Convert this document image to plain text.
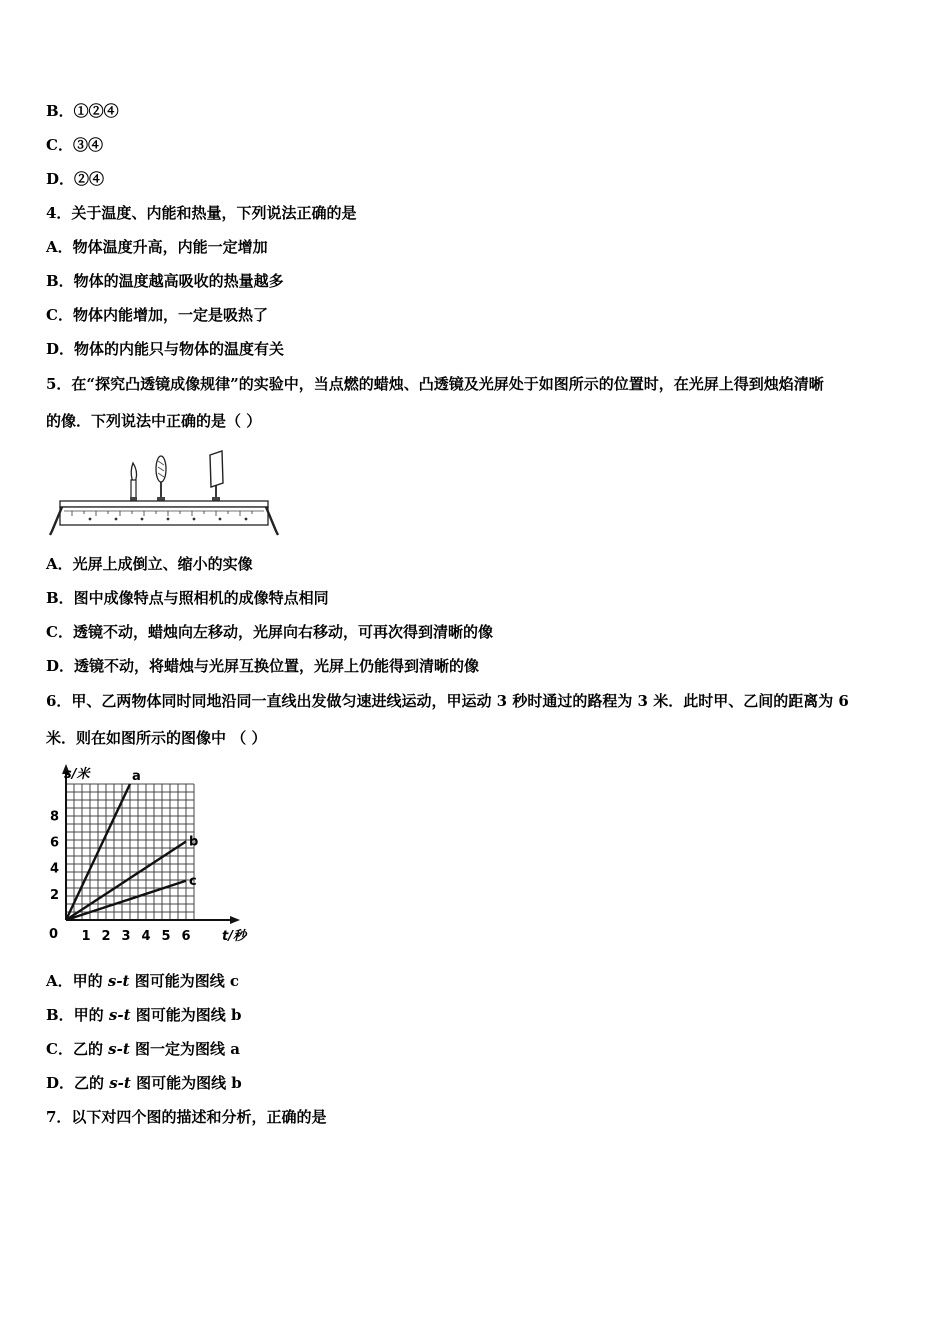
B．①②④
C．③④
D．②④
4．关于温度、内能和热量，下列说法正确的是
A．物体温度升高，内能一定增加
B．物体的温度越高吸收的热量越多
C．物体内能增加，一定是吸热了
D．物体的内能只与物体的温度有关
5．在“探究凸透镜成像规律”的实验中，当点燃的蜡烛、凸透镜及光屏处于如图所示的位置时，在光屏上得到烛焰清晰
的像．下列说法中正确的是（ ）
A．光屏上成倒立、缩小的实像
B．图中成像特点与照相机的成像特点相同
C．透镜不动，蜡烛向左移动，光屏向右移动，可再次得到清晰的像
D．透镜不动，将蜡烛与光屏互换位置，光屏上仍能得到清晰的像
6．甲、乙两物体同时同地沿同一直线出发做匀速进线运动，甲运动 3 秒时通过的路程为 3 米．此时甲、乙间的距离为 6
米．则在如图所示的图像中 （ ）
1 2 3 4 5 6
2
4
6
8
0
s/米
t/秒
a
b
c
A．甲的 s-t 图可能为图线 c
B．甲的 s-t 图可能为图线 b
C．乙的 s-t 图一定为图线 a
D．乙的 s-t 图可能为图线 b
7．以下对四个图的描述和分析，正确的是
